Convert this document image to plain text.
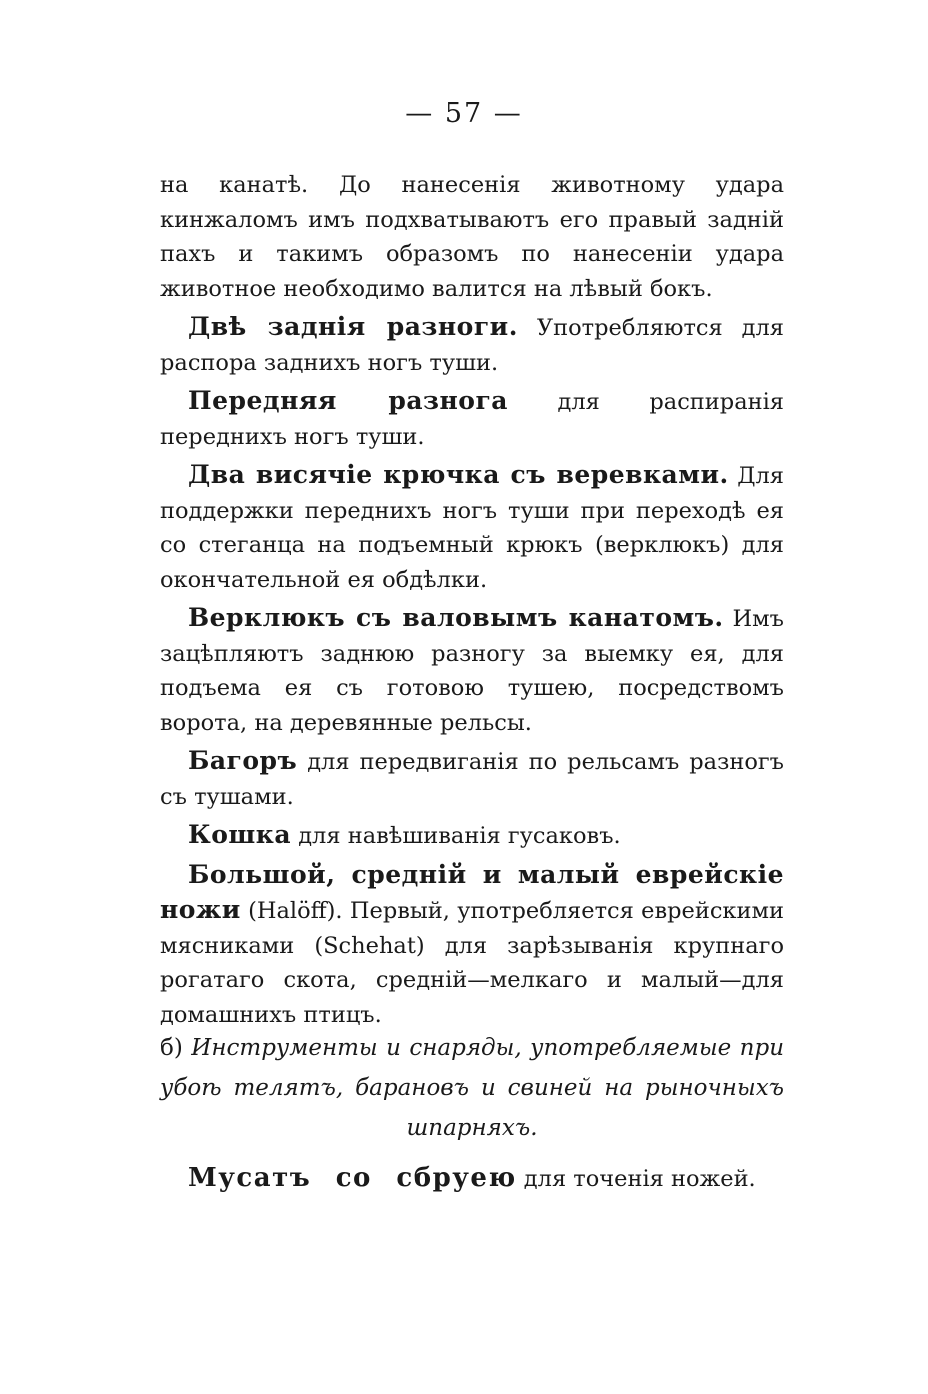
— 57 —

на канатѣ. До нанесенія животному удара кинжаломъ имъ подхватываютъ его правый задній пахъ и такимъ образомъ по нанесеніи удара животное необходимо валится на лѣвый бокъ.

Двѣ заднія разноги. Употребляются для распора заднихъ ногъ туши.

Передняя разнога для распиранія переднихъ ногъ туши.

Два висячіе крючка съ веревками. Для поддержки переднихъ ногъ туши при переходѣ ея со стеганца на подъемный крюкъ (верклюкъ) для окончательной ея обдѣлки.

Верклюкъ съ валовымъ канатомъ. Имъ зацѣпляютъ заднюю разногу за выемку ея, для подъема ея съ готовою тушею, посредствомъ ворота, на деревянные рельсы.

Багоръ для передвиганія по рельсамъ разногъ съ тушами.

Кошка для навѣшиванія гусаковъ.

Большой, средній и малый еврейскіе ножи (Halöff). Первый, употребляется еврейскими мясниками (Schehat) для зарѣзыванія крупнаго рогатаго скота, средній—мелкаго и малый—для домашнихъ птицъ.

б) Инструменты и снаряды, употребляемые при убоѣ телятъ, барановъ и свиней на рыночныхъ шпарняхъ.
Мусатъ со сбруею для точенія ножей.
